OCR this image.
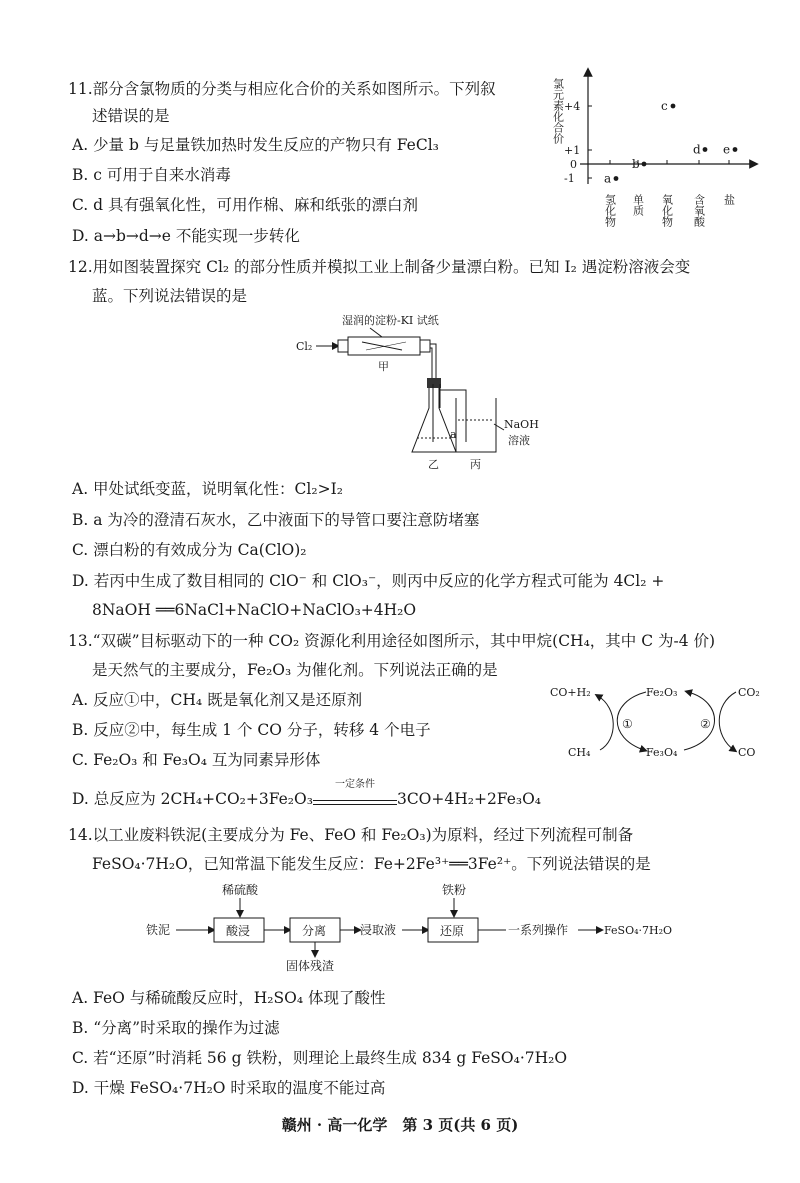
11.部分含氯物质的分类与相应化合价的关系如图所示。下列叙
述错误的是
A. 少量 b 与足量铁加热时发生反应的产物只有 FeCl₃
B. c 可用于自来水消毒
C. d 具有强氧化性，可用作棉、麻和纸张的漂白剂
D. a→b→d→e 不能实现一步转化
氯元素化合价 +4
+1
0
-1
氢化物 单质 氧化物 含氧酸 盐
a
b
c
d e
12.用如图装置探究 Cl₂ 的部分性质并模拟工业上制备少量漂白粉。已知 I₂ 遇淀粉溶液会变
蓝。下列说法错误的是
湿润的淀粉-KI 试纸
Cl₂
甲
a
乙
NaOH
溶液
丙
A. 甲处试纸变蓝，说明氧化性：Cl₂>I₂
B. a 为冷的澄清石灰水，乙中液面下的导管口要注意防堵塞
C. 漂白粉的有效成分为 Ca(ClO)₂
D. 若丙中生成了数目相同的 ClO⁻ 和 ClO₃⁻，则丙中反应的化学方程式可能为 4Cl₂ +
8NaOH ══6NaCl+NaClO+NaClO₃+4H₂O
13.“双碳”目标驱动下的一种 CO₂ 资源化利用途径如图所示，其中甲烷(CH₄，其中 C 为-4 价)
是天然气的主要成分，Fe₂O₃ 为催化剂。下列说法正确的是
A. 反应①中，CH₄ 既是氧化剂又是还原剂
B. 反应②中，每生成 1 个 CO 分子，转移 4 个电子
C. Fe₂O₃ 和 Fe₃O₄ 互为同素异形体
D. 总反应为 2CH₄+CO₂+3Fe₂O₃
一定条件
3CO+4H₂+2Fe₃O₄
CO+H₂	Fe₂O₃	CO₂
①	②
CH₄	Fe₃O₄	CO
14.以工业废料铁泥(主要成分为 Fe、FeO 和 Fe₂O₃)为原料，经过下列流程可制备
FeSO₄·7H₂O，已知常温下能发生反应：Fe+2Fe³⁺══3Fe²⁺。下列说法错误的是
稀硫酸	铁粉
铁泥	酸浸	分离	浸取液	还原	一系列操作	FeSO₄·7H₂O
固体残渣
A. FeO 与稀硫酸反应时，H₂SO₄ 体现了酸性
B. “分离”时采取的操作为过滤
C. 若“还原”时消耗 56 g 铁粉，则理论上最终生成 834 g FeSO₄·7H₂O
D. 干燥 FeSO₄·7H₂O 时采取的温度不能过高
赣州 · 高一化学　第 3 页(共 6 页)
